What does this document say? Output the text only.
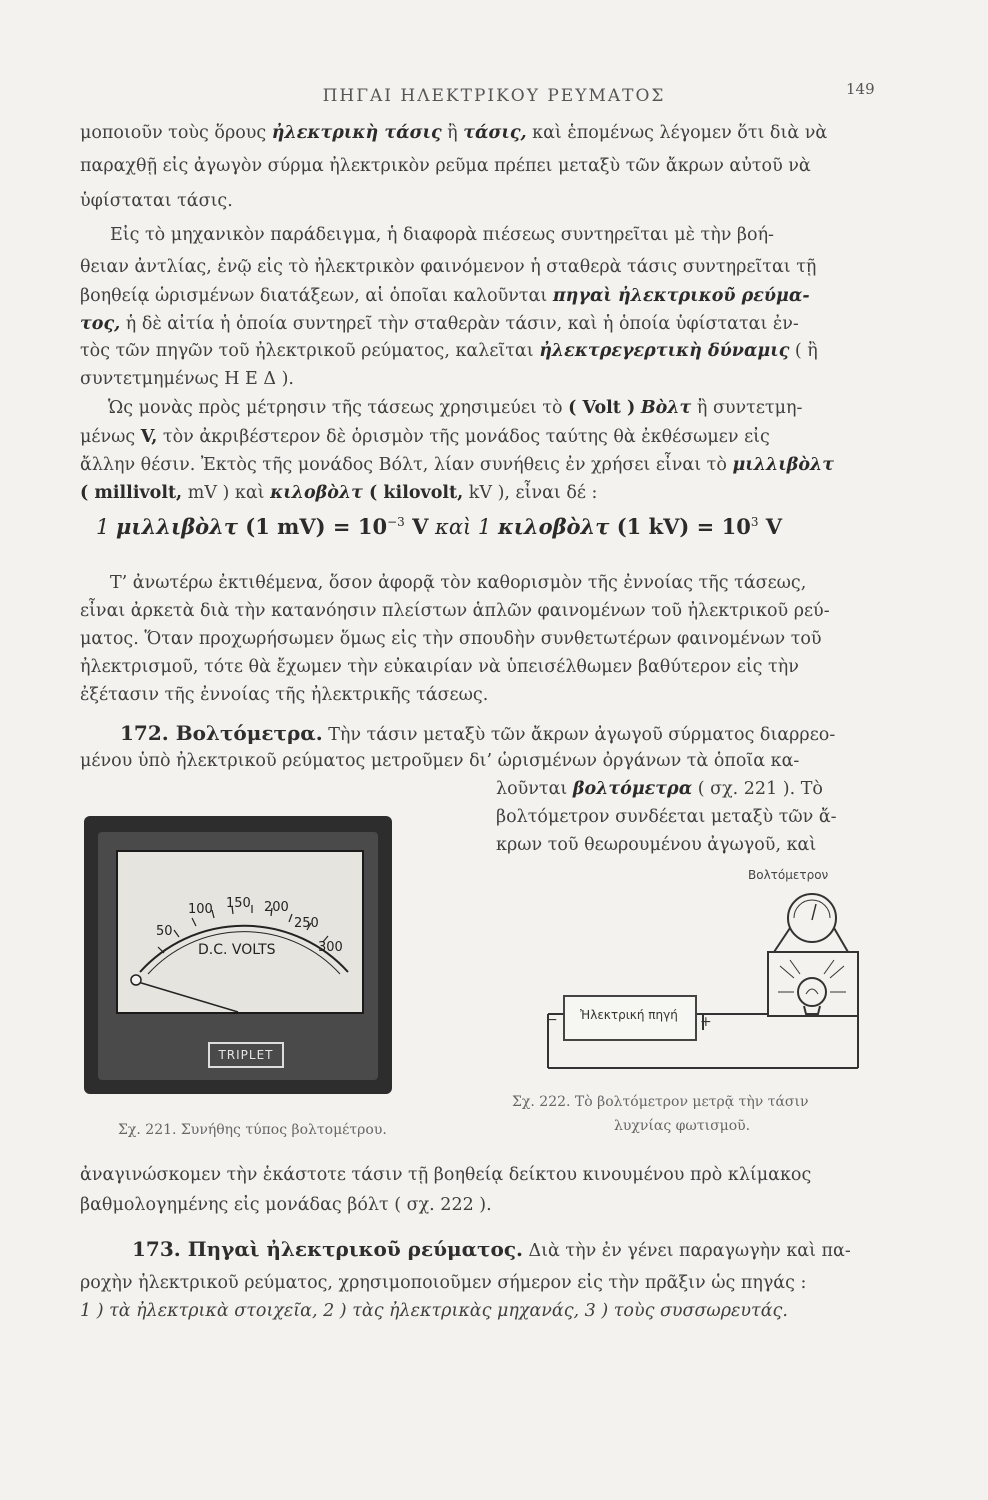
ΠΗΓΑΙ ΗΛΕΚΤΡΙΚΟΥ ΡΕΥΜΑΤΟΣ	149
μοποιοῦν τοὺς ὅρους ἠλεκτρικὴ τάσις ἢ τάσις, καὶ ἑπομένως λέγομεν ὅτι διὰ νὰ
παραχθῇ εἰς ἀγωγὸν σύρμα ἠλεκτρικὸν ρεῦμα πρέπει μεταξὺ τῶν ἄκρων αὐτοῦ νὰ
ὑφίσταται τάσις.
Εἰς τὸ μηχανικὸν παράδειγμα, ἡ διαφορὰ πιέσεως συντηρεῖται μὲ τὴν βοή-
θειαν ἀντλίας, ἐνῷ εἰς τὸ ἠλεκτρικὸν φαινόμενον ἡ σταθερὰ τάσις συντηρεῖται τῇ
βοηθείᾳ ὡρισμένων διατάξεων, αἱ ὁποῖαι καλοῦνται πηγαὶ ἠλεκτρικοῦ ρεύμα-
τος, ἡ δὲ αἰτία ἡ ὁποία συντηρεῖ τὴν σταθερὰν τάσιν, καὶ ἡ ὁποία ὑφίσταται ἐν-
τὸς τῶν πηγῶν τοῦ ἠλεκτρικοῦ ρεύματος, καλεῖται ἠλεκτρεγερτικὴ δύναμις ( ἢ
συντετμημένως Η Ε Δ ).
Ὡς μονὰς πρὸς μέτρησιν τῆς τάσεως χρησιμεύει τὸ ( Volt ) Βὸλτ ἢ συντετμη-
μένως V, τὸν ἀκριβέστερον δὲ ὁρισμὸν τῆς μονάδος ταύτης θὰ ἐκθέσωμεν εἰς
ἄλλην θέσιν. Ἐκτὸς τῆς μονάδος Βόλτ, λίαν συνήθεις ἐν χρήσει εἶναι τὸ μιλλιβὸλτ
( millivolt, mV ) καὶ κιλοβὸλτ ( kilovolt, kV ), εἶναι δέ :
1 μιλλιβὸλτ (1 $mV) = 10^{-3}$ V καὶ 1 κιλοβὸλτ (1 $kV) = 10^3$ V
Τ’ ἀνωτέρω ἐκτιθέμενα, ὅσον ἀφορᾷ τὸν καθορισμὸν τῆς ἐννοίας τῆς τάσεως,
εἶναι ἀρκετὰ διὰ τὴν κατανόησιν πλείστων ἁπλῶν φαινομένων τοῦ ἠλεκτρικοῦ ρεύ-
ματος. Ὅταν προχωρήσωμεν ὅμως εἰς τὴν σπουδὴν συνθετωτέρων φαινομένων τοῦ
ἠλεκτρισμοῦ, τότε θὰ ἔχωμεν τὴν εὐκαιρίαν νὰ ὑπεισέλθωμεν βαθύτερον εἰς τὴν
ἐξέτασιν τῆς ἐννοίας τῆς ἠλεκτρικῆς τάσεως.
172. Βολτόμετρα. Τὴν τάσιν μεταξὺ τῶν ἄκρων ἀγωγοῦ σύρματος διαρρεο-
μένου ὑπὸ ἠλεκτρικοῦ ρεύματος μετροῦμεν δι’ ὡρισμένων ὀργάνων τὰ ὁποῖα κα-
λοῦνται βολτόμετρα ( σχ. 221 ). Τὸ
βολτόμετρον συνδέεται μεταξὺ τῶν ἄ-
κρων τοῦ θεωρουμένου ἀγωγοῦ, καὶ
50
100 150 200
250
300
D.C. VOLTS
TRIPLET
Σχ. 221. Συνήθης τύπος βολτομέτρου.
Βολτόμετρον
Ἠλεκτρική πηγή
−	+
Σχ. 222. Τὸ βολτόμετρον μετρᾷ τὴν τάσιν
λυχνίας φωτισμοῦ.
ἀναγινώσκομεν τὴν ἑκάστοτε τάσιν τῇ βοηθείᾳ δείκτου κινουμένου πρὸ κλίμακος
βαθμολογημένης εἰς μονάδας βόλτ ( σχ. 222 ).
173. Πηγαὶ ἠλεκτρικοῦ ρεύματος. Διὰ τὴν ἐν γένει παραγωγὴν καὶ πα-
ροχὴν ἠλεκτρικοῦ ρεύματος, χρησιμοποιοῦμεν σήμερον εἰς τὴν πρᾶξιν ὡς πηγάς :
1 ) τὰ ἠλεκτρικὰ στοιχεῖα, 2 ) τὰς ἠλεκτρικὰς μηχανάς, 3 ) τοὺς συσσωρευτάς.
